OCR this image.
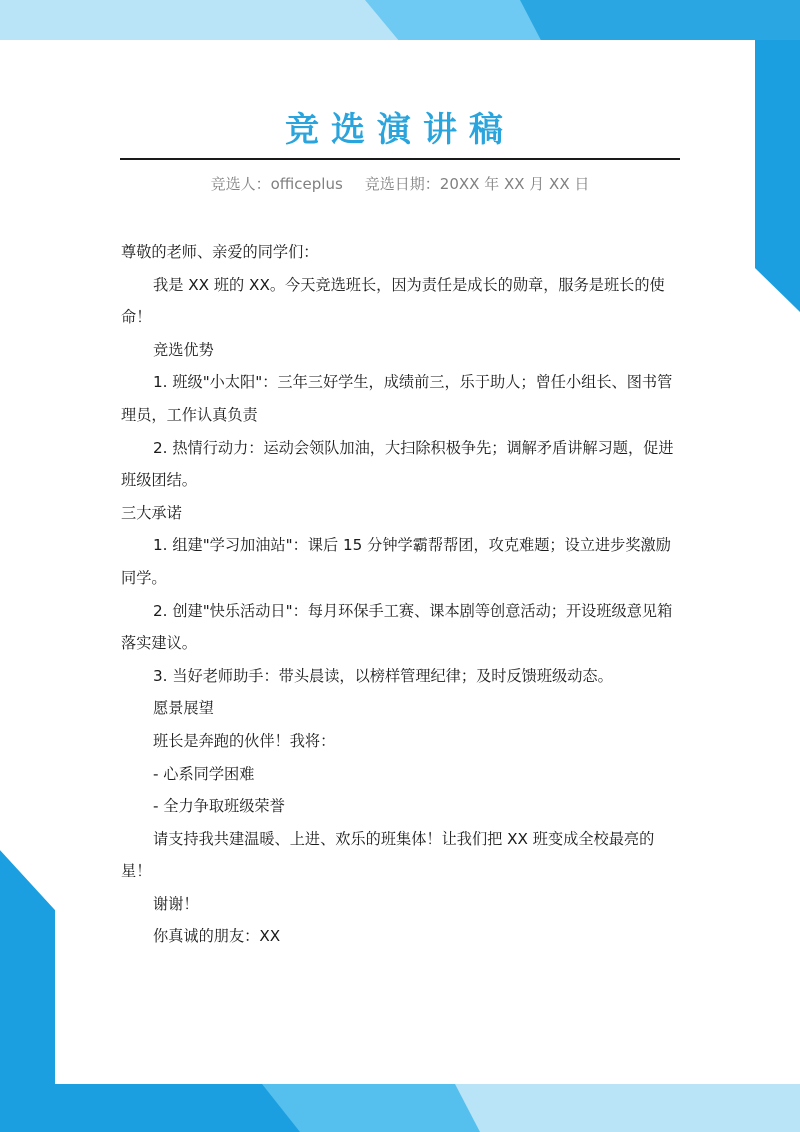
竞选演讲稿
竞选人：officeplus 竞选日期：20XX 年 XX 月 XX 日

尊敬的老师、亲爱的同学们：

我是 XX 班的 XX。今天竞选班长，因为责任是成长的勋章，服务是班长的使命！

竞选优势

1. 班级"小太阳"：三年三好学生，成绩前三，乐于助人；曾任小组长、图书管理员，工作认真负责

2. 热情行动力：运动会领队加油，大扫除积极争先；调解矛盾讲解习题，促进班级团结。

三大承诺

1. 组建"学习加油站"：课后 15 分钟学霸帮帮团，攻克难题；设立进步奖激励同学。

2. 创建"快乐活动日"：每月环保手工赛、课本剧等创意活动；开设班级意见箱落实建议。

3. 当好老师助手：带头晨读，以榜样管理纪律；及时反馈班级动态。

愿景展望

班长是奔跑的伙伴！我将：

- 心系同学困难

- 全力争取班级荣誉

请支持我共建温暖、上进、欢乐的班集体！让我们把 XX 班变成全校最亮的星！

谢谢！

你真诚的朋友：XX
